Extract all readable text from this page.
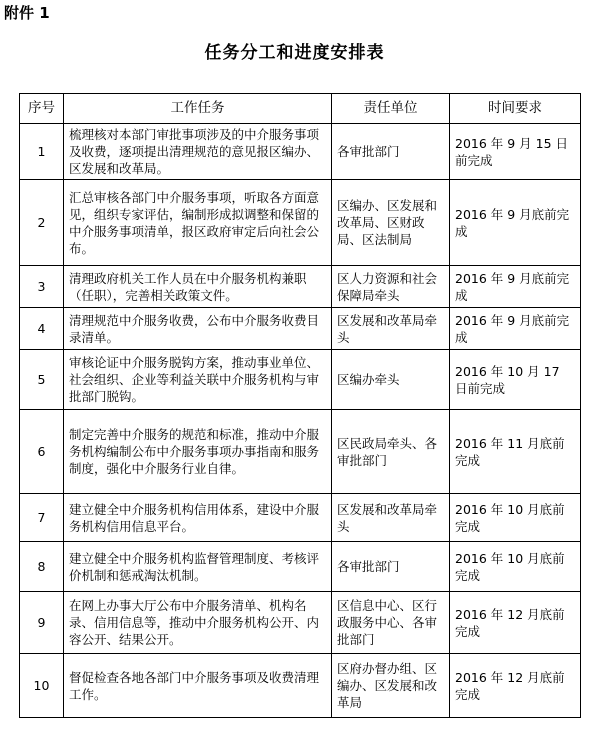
附件 1
任务分工和进度安排表
序号	工作任务	责任单位	时间要求
1	梳理核对本部门审批事项涉及的中介服务事项及收费，逐项提出清理规范的意见报区编办、区发展和改革局。	各审批部门	2016 年 9 月 15 日前完成
2	汇总审核各部门中介服务事项，听取各方面意见，组织专家评估，编制形成拟调整和保留的中介服务事项清单，报区政府审定后向社会公布。	区编办、区发展和改革局、区财政局、区法制局	2016 年 9 月底前完成
3	清理政府机关工作人员在中介服务机构兼职（任职），完善相关政策文件。	区人力资源和社会保障局牵头	2016 年 9 月底前完成
4	清理规范中介服务收费，公布中介服务收费目录清单。	区发展和改革局牵头	2016 年 9 月底前完成
5	审核论证中介服务脱钩方案，推动事业单位、社会组织、企业等利益关联中介服务机构与审批部门脱钩。	区编办牵头	2016 年 10 月 17 日前完成
6	制定完善中介服务的规范和标准，推动中介服务机构编制公布中介服务事项办事指南和服务制度，强化中介服务行业自律。	区民政局牵头、各审批部门	2016 年 11 月底前完成
7	建立健全中介服务机构信用体系，建设中介服务机构信用信息平台。	区发展和改革局牵头	2016 年 10 月底前完成
8	建立健全中介服务机构监督管理制度、考核评价机制和惩戒淘汰机制。	各审批部门	2016 年 10 月底前完成
9	在网上办事大厅公布中介服务清单、机构名录、信用信息等，推动中介服务机构公开、内容公开、结果公开。	区信息中心、区行政服务中心、各审批部门	2016 年 12 月底前完成
10	督促检查各地各部门中介服务事项及收费清理工作。	区府办督办组、区编办、区发展和改革局	2016 年 12 月底前完成
